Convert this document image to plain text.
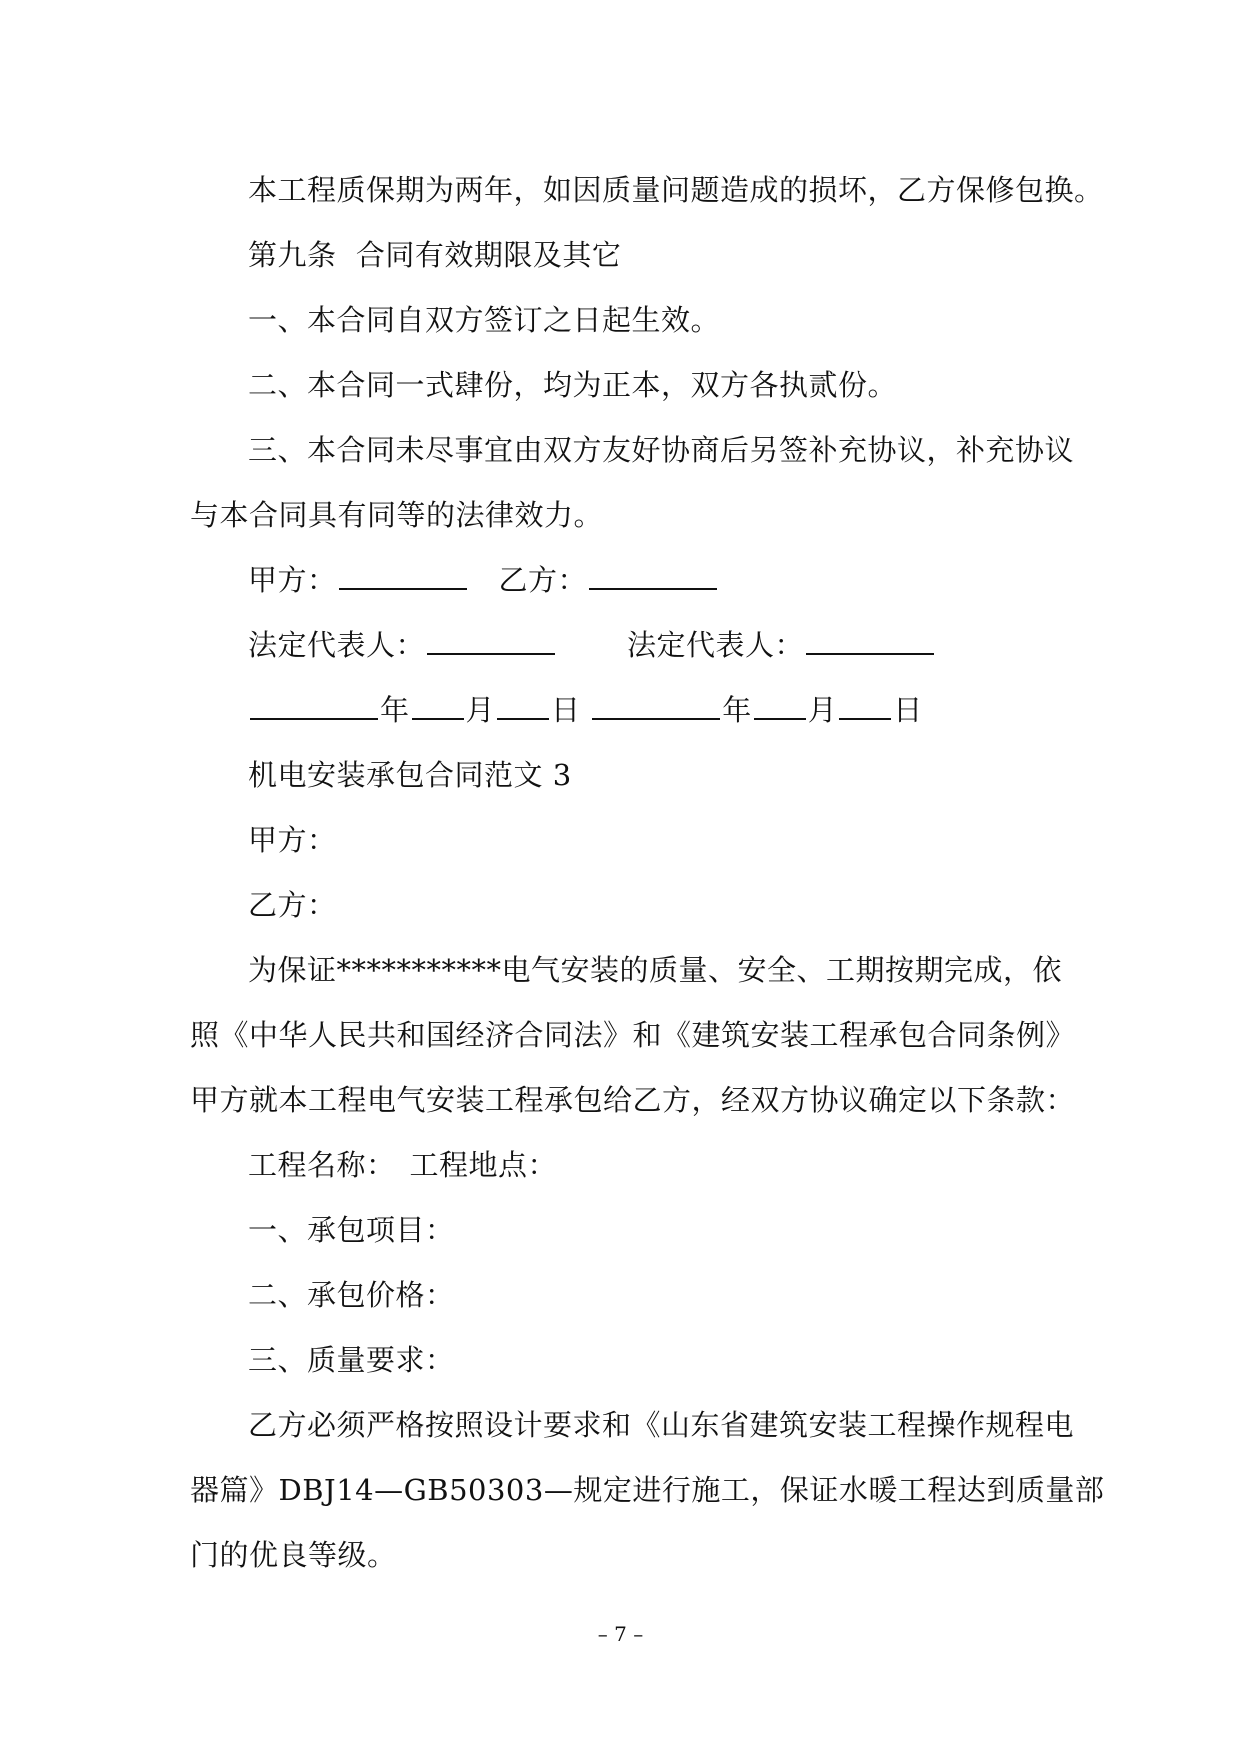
本工程质保期为两年，如因质量问题造成的损坏，乙方保修包换。
第九条  合同有效期限及其它
一、本合同自双方签订之日起生效。
二、本合同一式肆份，均为正本，双方各执贰份。
三、本合同未尽事宜由双方友好协商后另签补充协议，补充协议
与本合同具有同等的法律效力。
甲方：	乙方：
法定代表人：	法定代表人：
年 月 日	年 月 日
机电安装承包合同范文 3
甲方：
乙方：
为保证***********电气安装的质量、安全、工期按期完成，依
照《中华人民共和国经济合同法》和《建筑安装工程承包合同条例》
甲方就本工程电气安装工程承包给乙方，经双方协议确定以下条款：
工程名称： 工程地点：
一、承包项目：
二、承包价格：
三、质量要求：
乙方必须严格按照设计要求和《山东省建筑安装工程操作规程电
器篇》DBJ14—GB50303—规定进行施工，保证水暖工程达到质量部
门的优良等级。
– 7 –
